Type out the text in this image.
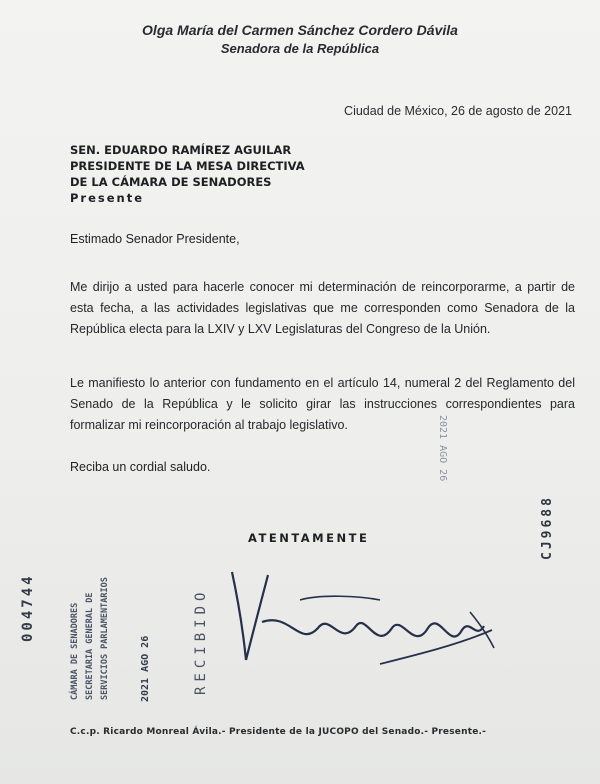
Olga María del Carmen Sánchez Cordero Dávila
Senadora de la República
Ciudad de México, 26 de agosto de 2021
SEN. EDUARDO RAMÍREZ AGUILAR
PRESIDENTE DE LA MESA DIRECTIVA
DE LA CÁMARA DE SENADORES
Presente
Estimado Senador Presidente,
Me dirijo a usted para hacerle conocer mi determinación de reincorporarme, a partir de esta fecha, a las actividades legislativas que me corresponden como Senadora de la República electa para la LXIV y LXV Legislaturas del Congreso de la Unión.
Le manifiesto lo anterior con fundamento en el artículo 14, numeral 2 del Reglamento del Senado de la República y le solicito girar las instrucciones correspondientes para formalizar mi reincorporación al trabajo legislativo.
Reciba un cordial saludo.
ATENTAMENTE
004744	CÁMARA DE SENADORES SECRETARIA GENERAL DE SERVICIOS PARLAMENTARIOS	2021 AGO 26	RECIBIDO
2021 AGO 26
CJ9688
C.c.p. Ricardo Monreal Ávila.- Presidente de la JUCOPO del Senado.- Presente.-
